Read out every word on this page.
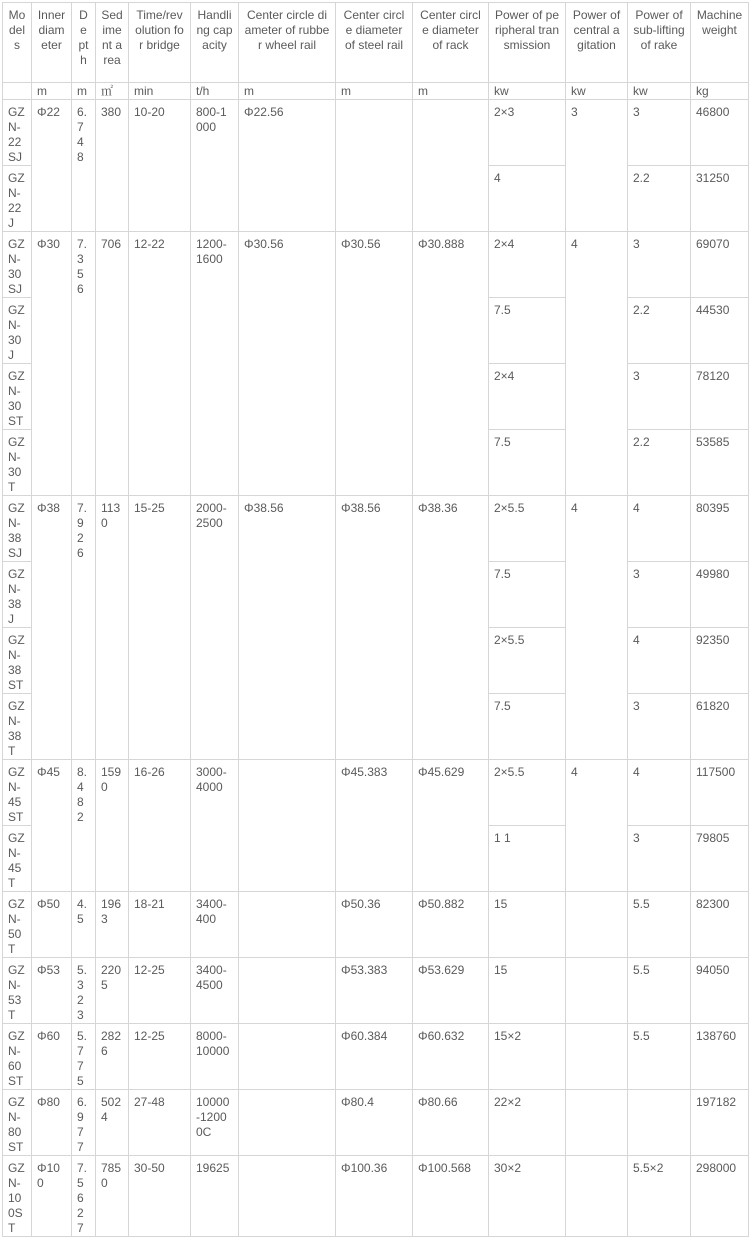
Models	Inner diameter	Depth	Sediment area	Time/revolution for bridge	Handling capacity	Center circle diameter of rubber wheel rail	Center circle diameter of steel rail	Center circle diameter of rack	Power of peripheral transmission	Power of central agitation	Power of sub-lifting of rake	Machine weight
	m	m	㎡	min	t/h	m	m	m	kw	kw	kw	kg
GZN-22SJ	Φ22	6.748	380	10-20	800-1000	Φ22.56			2×3	3	3	46800
GZN-22J									4		2.2	31250
GZN-30SJ	Φ30	7.356	706	12-22	1200-1600	Φ30.56	Φ30.56	Φ30.888	2×4	4	3	69070
GZN-30J									7.5		2.2	44530
GZN-30ST									2×4		3	78120
GZN-30T									7.5		2.2	53585
GZN-38SJ	Φ38	7.926	1130	15-25	2000-2500	Φ38.56	Φ38.56	Φ38.36	2×5.5	4	4	80395
GZN-38J									7.5		3	49980
GZN-38ST									2×5.5		4	92350
GZN-38T									7.5		3	61820
GZN-45ST	Φ45	8.482	1590	16-26	3000-4000		Φ45.383	Φ45.629	2×5.5	4	4	117500
GZN-45T									1 1		3	79805
GZN-50T	Φ50	4.5	1963	18-21	3400-400		Φ50.36	Φ50.882	15		5.5	82300
GZN-53T	Φ53	5.323	2205	12-25	3400-4500		Φ53.383	Φ53.629	15		5.5	94050
GZN-60ST	Φ60	5.775	2826	12-25	8000-10000		Φ60.384	Φ60.632	15×2		5.5	138760
GZN-80ST	Φ80	6.977	5024	27-48	10000-12000C		Φ80.4	Φ80.66	22×2			197182
GZN-100ST	Φ100	7.5627	7850	30-50	19625		Φ100.36	Φ100.568	30×2		5.5×2	298000
